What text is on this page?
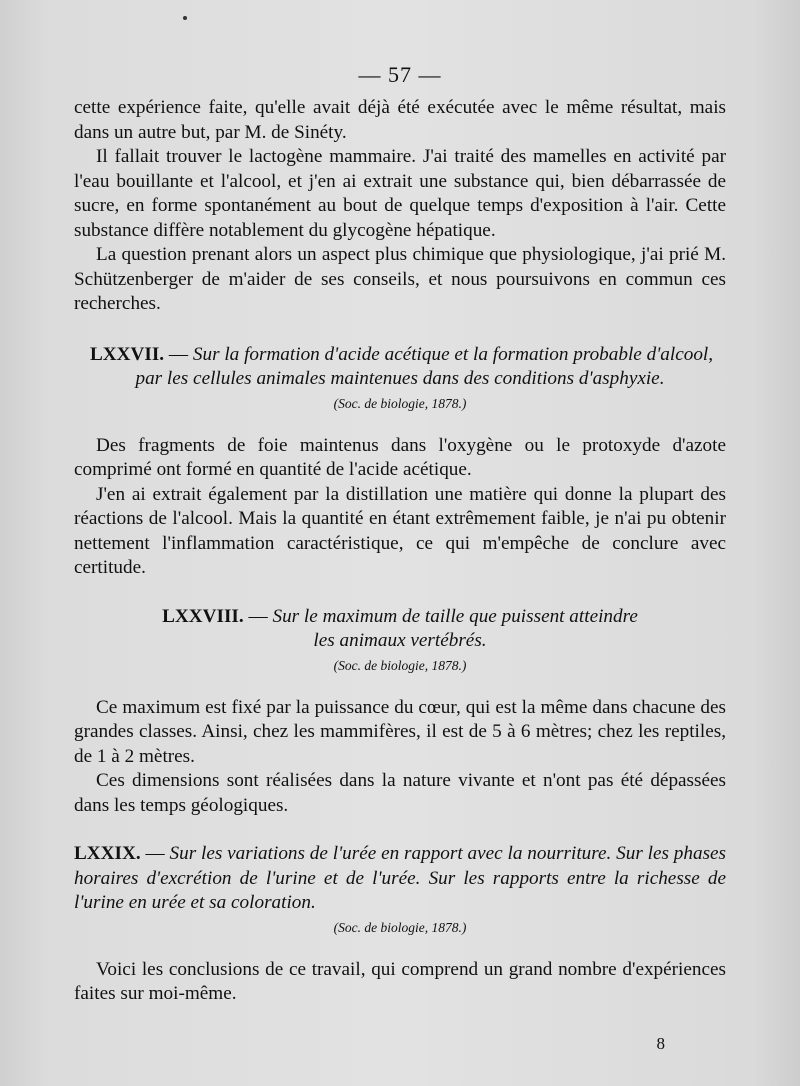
— 57 —

cette expérience faite, qu'elle avait déjà été exécutée avec le même résultat, mais dans un autre but, par M. de Sinéty.

Il fallait trouver le lactogène mammaire. J'ai traité des mamelles en activité par l'eau bouillante et l'alcool, et j'en ai extrait une substance qui, bien débarrassée de sucre, en forme spontanément au bout de quelque temps d'exposition à l'air. Cette substance diffère notablement du glycogène hépatique.

La question prenant alors un aspect plus chimique que physiologique, j'ai prié M. Schützenberger de m'aider de ses conseils, et nous poursuivons en commun ces recherches.

LXXVII. — Sur la formation d'acide acétique et la formation probable d'alcool,
par les cellules animales maintenues dans des conditions d'asphyxie.
(Soc. de biologie, 1878.)

Des fragments de foie maintenus dans l'oxygène ou le protoxyde d'azote comprimé ont formé en quantité de l'acide acétique.

J'en ai extrait également par la distillation une matière qui donne la plupart des réactions de l'alcool. Mais la quantité en étant extrêmement faible, je n'ai pu obtenir nettement l'inflammation caractéristique, ce qui m'empêche de conclure avec certitude.

LXXVIII. — Sur le maximum de taille que puissent atteindre
les animaux vertébrés.
(Soc. de biologie, 1878.)

Ce maximum est fixé par la puissance du cœur, qui est la même dans chacune des grandes classes. Ainsi, chez les mammifères, il est de 5 à 6 mètres; chez les reptiles, de 1 à 2 mètres.

Ces dimensions sont réalisées dans la nature vivante et n'ont pas été dépassées dans les temps géologiques.

LXXIX. — Sur les variations de l'urée en rapport avec la nourriture. Sur les phases horaires d'excrétion de l'urine et de l'urée. Sur les rapports entre la richesse de l'urine en urée et sa coloration.
(Soc. de biologie, 1878.)

Voici les conclusions de ce travail, qui comprend un grand nombre d'expériences faites sur moi-même.

8
